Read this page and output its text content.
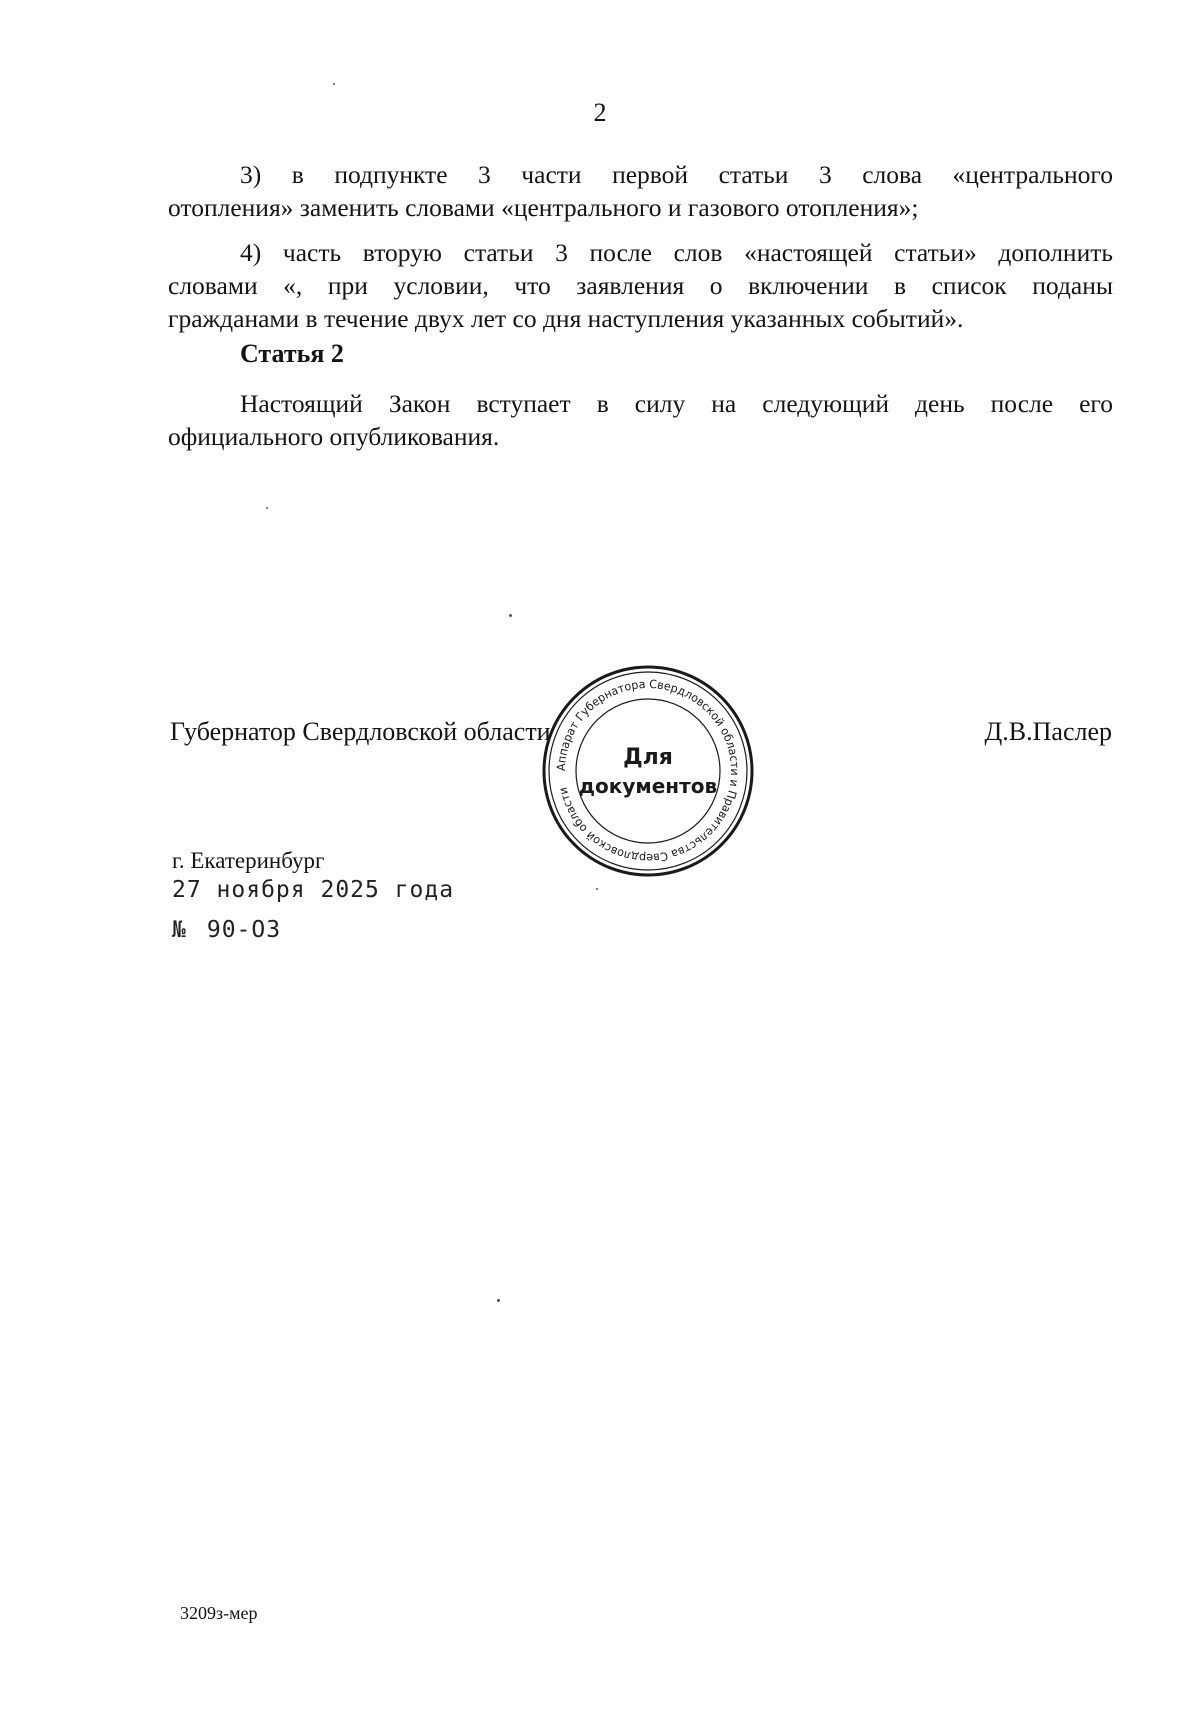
2
3) в подпункте 3 части первой статьи 3 слова «центрального
отопления» заменить словами «центрального и газового отопления»;
4) часть вторую статьи 3 после слов «настоящей статьи» дополнить
словами «, при условии, что заявления о включении в список поданы
гражданами в течение двух лет со дня наступления указанных событий».
Статья 2
Настоящий Закон вступает в силу на следующий день после его
официального опубликования.
Губернатор Свердловской области	Д.В.Паслер
Аппарат Губернатора Свердловской области и Правительства Свердловской области
Для
документов
г. Екатеринбург
27 ноября 2025 года
№ 90-ОЗ
3209з-мер
